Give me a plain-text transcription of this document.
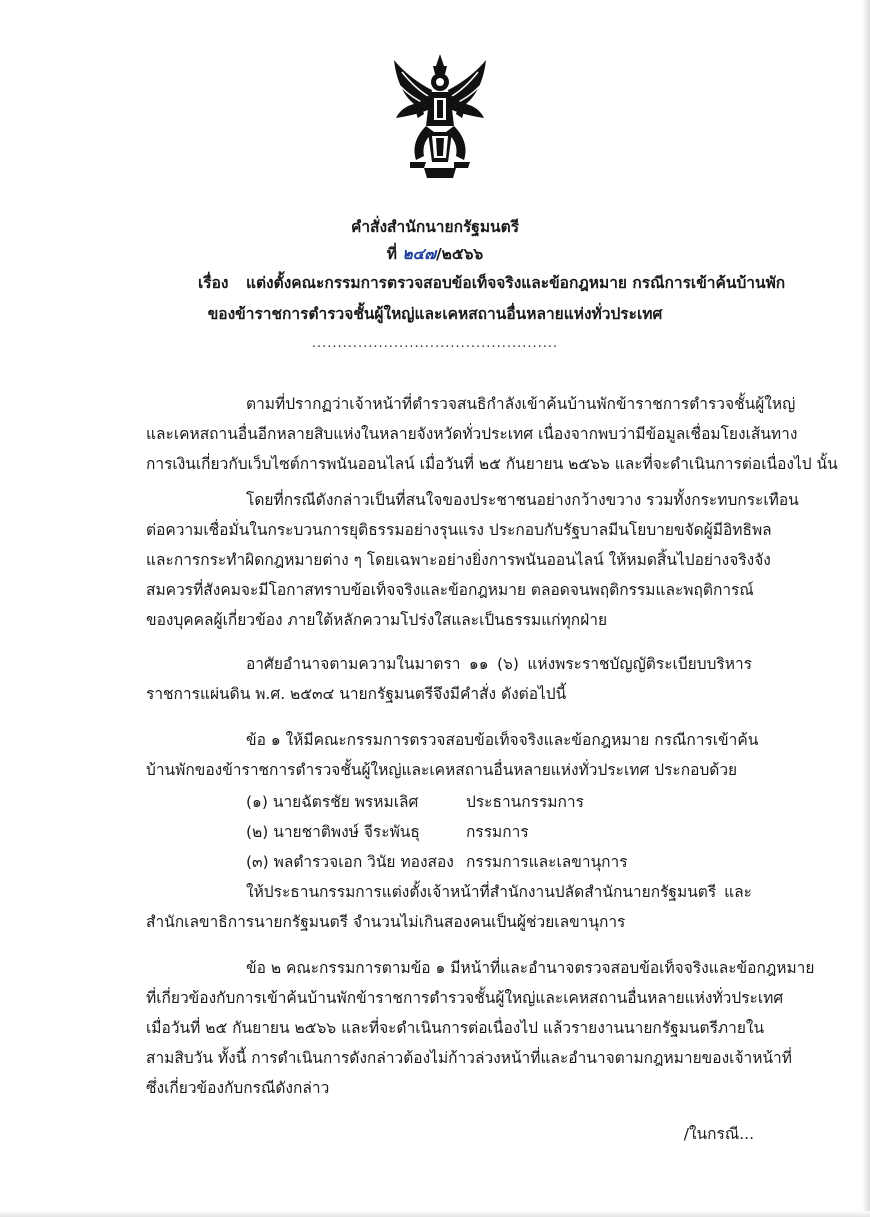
คำสั่งสำนักนายกรัฐมนตรี
ที่ ๒๔๗/๒๕๖๖
เรื่อง แต่งตั้งคณะกรรมการตรวจสอบข้อเท็จจริงและข้อกฎหมาย กรณีการเข้าค้นบ้านพัก
ของข้าราชการตำรวจชั้นผู้ใหญ่และเคหสถานอื่นหลายแห่งทั่วประเทศ
................................................
ตามที่ปรากฏว่าเจ้าหน้าที่ตำรวจสนธิกำลังเข้าค้นบ้านพักข้าราชการตำรวจชั้นผู้ใหญ่
และเคหสถานอื่นอีกหลายสิบแห่งในหลายจังหวัดทั่วประเทศ เนื่องจากพบว่ามีข้อมูลเชื่อมโยงเส้นทาง
การเงินเกี่ยวกับเว็บไซต์การพนันออนไลน์ เมื่อวันที่ ๒๕ กันยายน ๒๕๖๖ และที่จะดำเนินการต่อเนื่องไป นั้น
โดยที่กรณีดังกล่าวเป็นที่สนใจของประชาชนอย่างกว้างขวาง รวมทั้งกระทบกระเทือน
ต่อความเชื่อมั่นในกระบวนการยุติธรรมอย่างรุนแรง ประกอบกับรัฐบาลมีนโยบายขจัดผู้มีอิทธิพล
และการกระทำผิดกฎหมายต่าง ๆ โดยเฉพาะอย่างยิ่งการพนันออนไลน์ ให้หมดสิ้นไปอย่างจริงจัง
สมควรที่สังคมจะมีโอกาสทราบข้อเท็จจริงและข้อกฎหมาย ตลอดจนพฤติกรรมและพฤติการณ์
ของบุคคลผู้เกี่ยวข้อง ภายใต้หลักความโปร่งใสและเป็นธรรมแก่ทุกฝ่าย
อาศัยอำนาจตามความในมาตรา ๑๑ (๖) แห่งพระราชบัญญัติระเบียบบริหาร
ราชการแผ่นดิน พ.ศ. ๒๕๓๔ นายกรัฐมนตรีจึงมีคำสั่ง ดังต่อไปนี้
ข้อ ๑ ให้มีคณะกรรมการตรวจสอบข้อเท็จจริงและข้อกฎหมาย กรณีการเข้าค้น
บ้านพักของข้าราชการตำรวจชั้นผู้ใหญ่และเคหสถานอื่นหลายแห่งทั่วประเทศ ประกอบด้วย
(๑) นายฉัตรชัย พรหมเลิศ	ประธานกรรมการ
(๒) นายชาติพงษ์ จีระพันธุ	กรรมการ
(๓) พลตำรวจเอก วินัย ทองสอง กรรมการและเลขานุการ
ให้ประธานกรรมการแต่งตั้งเจ้าหน้าที่สำนักงานปลัดสำนักนายกรัฐมนตรี และ
สำนักเลขาธิการนายกรัฐมนตรี จำนวนไม่เกินสองคนเป็นผู้ช่วยเลขานุการ
ข้อ ๒ คณะกรรมการตามข้อ ๑ มีหน้าที่และอำนาจตรวจสอบข้อเท็จจริงและข้อกฎหมาย
ที่เกี่ยวข้องกับการเข้าค้นบ้านพักข้าราชการตำรวจชั้นผู้ใหญ่และเคหสถานอื่นหลายแห่งทั่วประเทศ
เมื่อวันที่ ๒๕ กันยายน ๒๕๖๖ และที่จะดำเนินการต่อเนื่องไป แล้วรายงานนายกรัฐมนตรีภายใน
สามสิบวัน ทั้งนี้ การดำเนินการดังกล่าวต้องไม่ก้าวล่วงหน้าที่และอำนาจตามกฎหมายของเจ้าหน้าที่
ซึ่งเกี่ยวข้องกับกรณีดังกล่าว
/ในกรณี...
